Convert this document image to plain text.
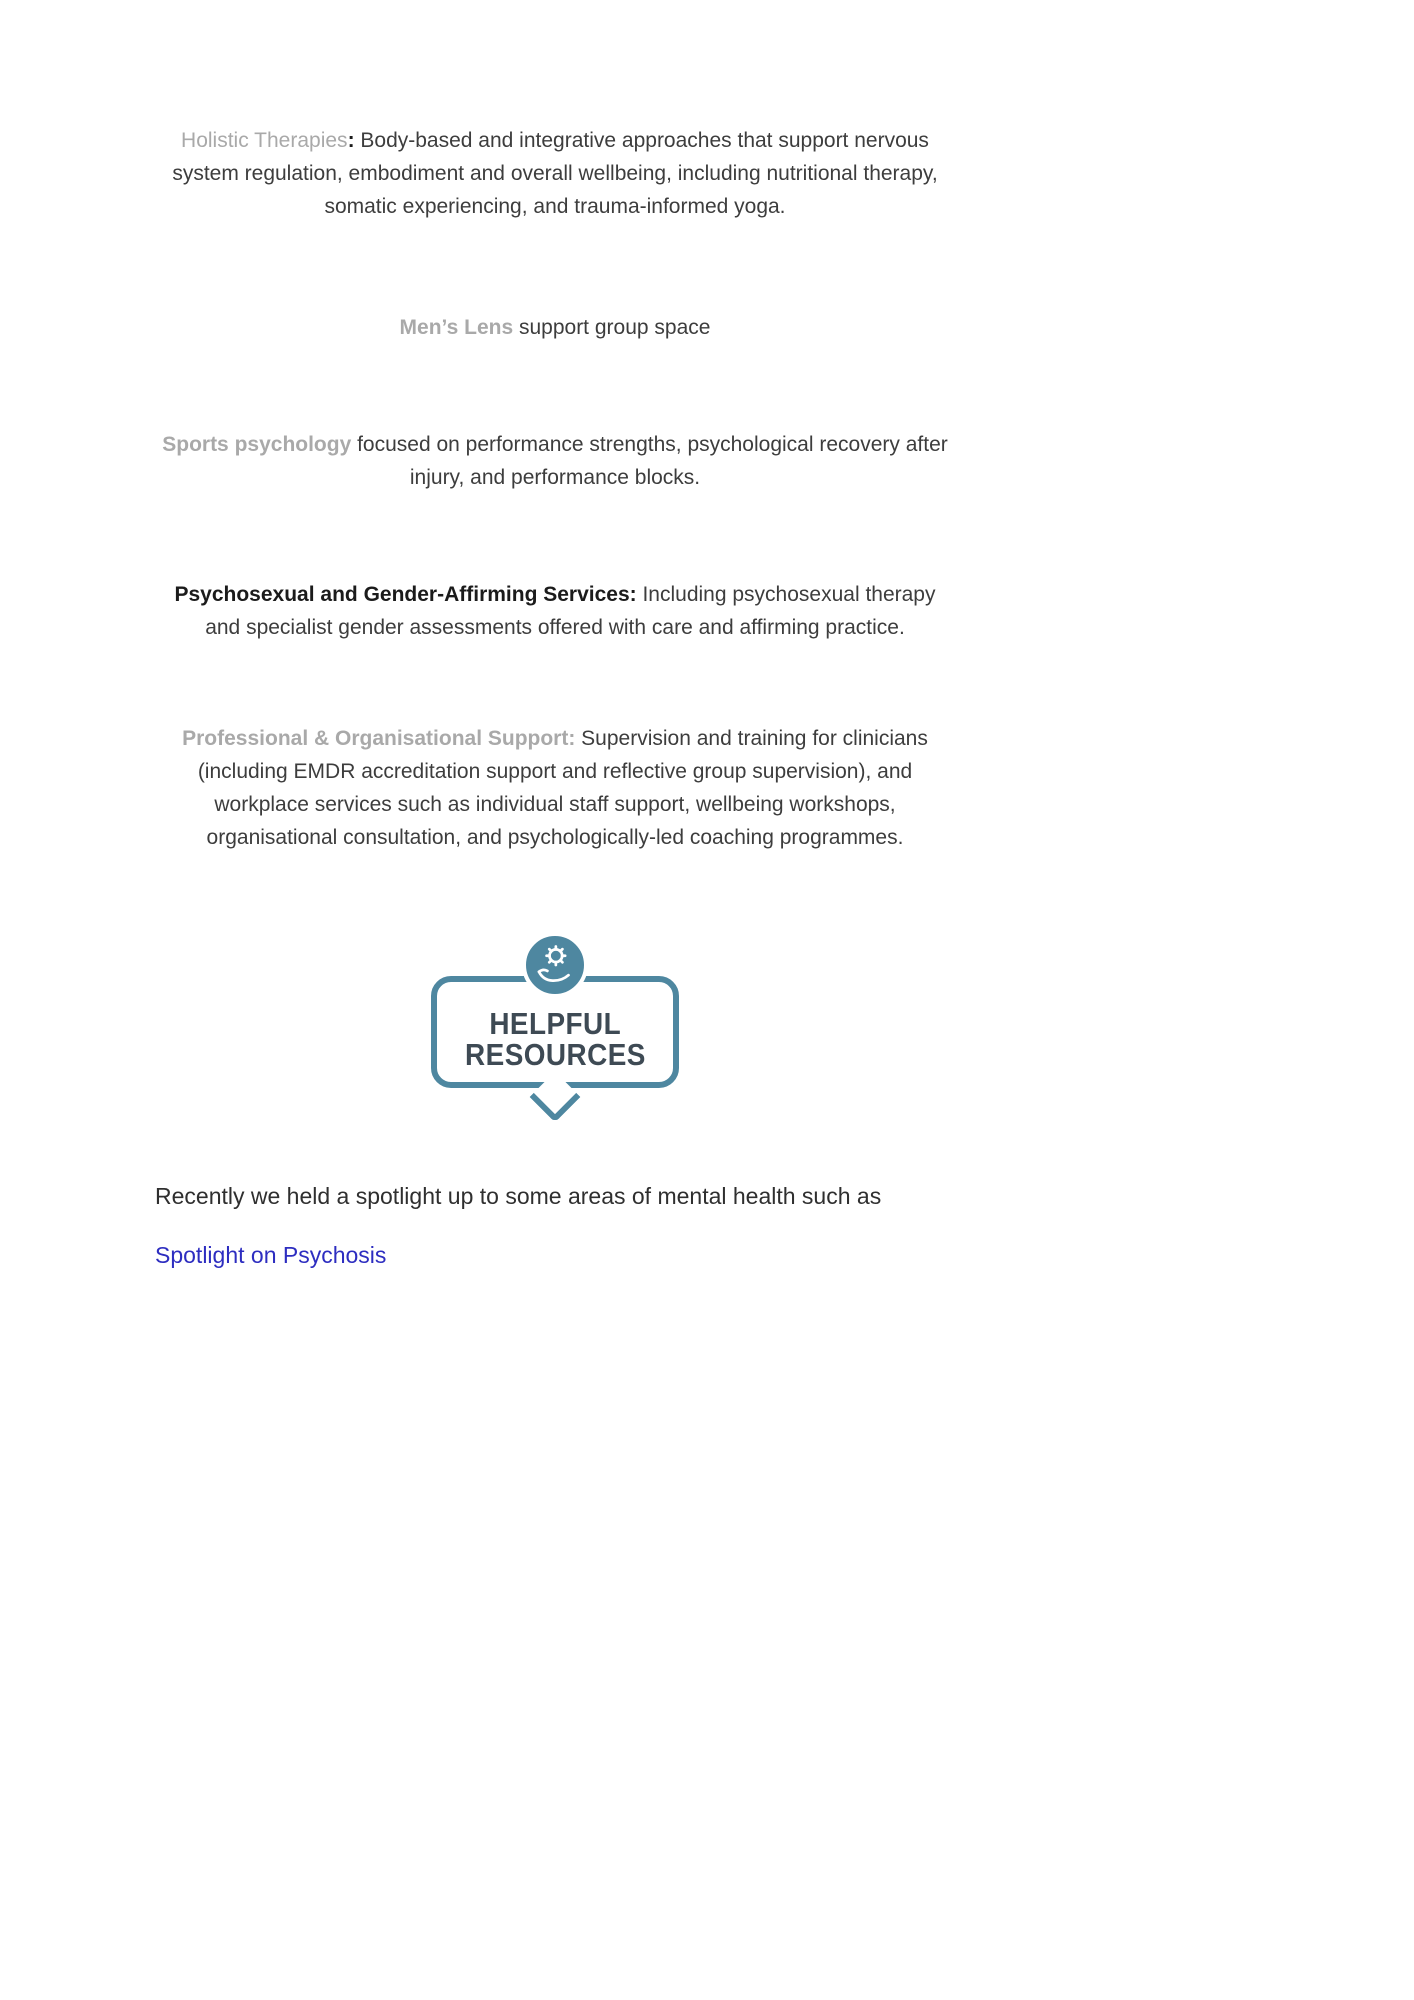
Holistic Therapies: Body-based and integrative approaches that support nervous
system regulation, embodiment and overall wellbeing, including nutritional therapy,
somatic experiencing, and trauma-informed yoga.

Men’s Lens support group space

Sports psychology focused on performance strengths, psychological recovery after
injury, and performance blocks.

Psychosexual and Gender-Affirming Services: Including psychosexual therapy
and specialist gender assessments offered with care and affirming practice.

Professional & Organisational Support: Supervision and training for clinicians
(including EMDR accreditation support and reflective group supervision), and
workplace services such as individual staff support, wellbeing workshops,
organisational consultation, and psychologically-led coaching programmes.

HELPFUL
RESOURCES

Recently we held a spotlight up to some areas of mental health such as

Spotlight on Psychosis
